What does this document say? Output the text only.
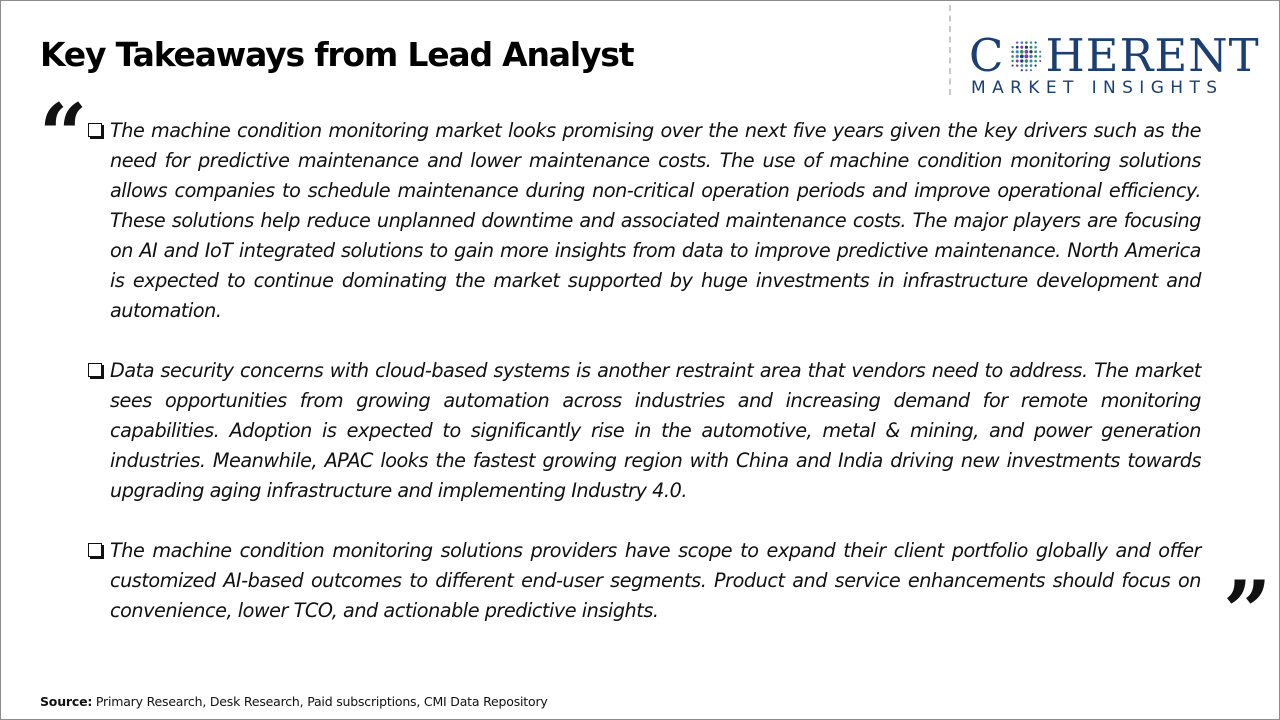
Key Takeaways from Lead Analyst	C HERENT
MARKET INSIGHTS
“	The machine condition monitoring market looks promising over the next five years given the key drivers such as the need for predictive maintenance and lower maintenance costs. The use of machine condition monitoring solutions allows companies to schedule maintenance during non-critical operation periods and improve operational efficiency. These solutions help reduce unplanned downtime and associated maintenance costs. The major players are focusing on AI and IoT integrated solutions to gain more insights from data to improve predictive maintenance. North America is expected to continue dominating the market supported by huge investments in infrastructure development and automation.

Data security concerns with cloud-based systems is another restraint area that vendors need to address. The market sees opportunities from growing automation across industries and increasing demand for remote monitoring capabilities. Adoption is expected to significantly rise in the automotive, metal & mining, and power generation industries. Meanwhile, APAC looks the fastest growing region with China and India driving new investments towards upgrading aging infrastructure and implementing Industry 4.0.

The machine condition monitoring solutions providers have scope to expand their client portfolio globally and offer customized AI-based outcomes to different end-user segments. Product and service enhancements should focus on convenience, lower TCO, and actionable predictive insights.	”
Source: Primary Research, Desk Research, Paid subscriptions, CMI Data Repository
